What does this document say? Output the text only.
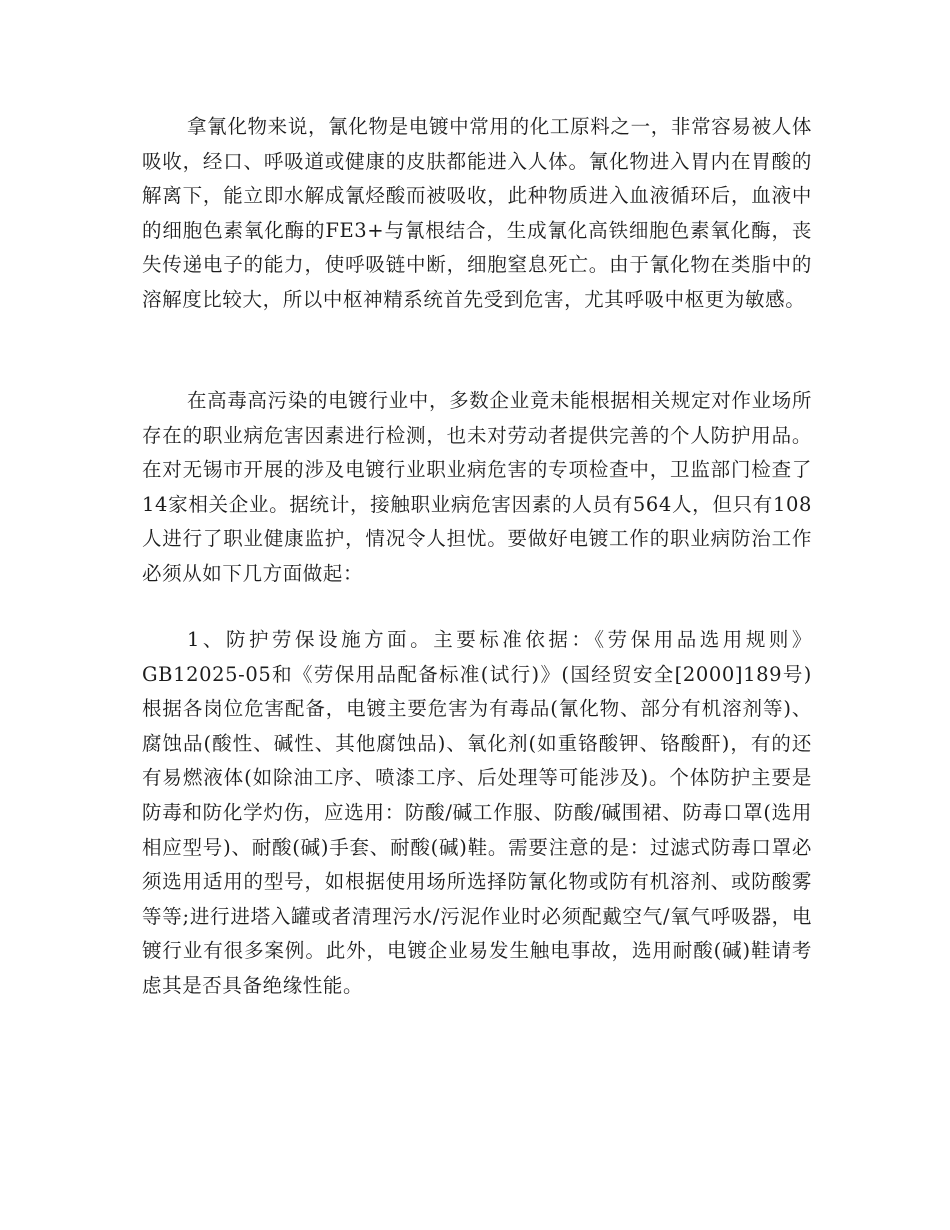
拿氰化物来说，氰化物是电镀中常用的化工原料之一，非常容易被人体吸收，经口、呼吸道或健康的皮肤都能进入人体。氰化物进入胃内在胃酸的解离下，能立即水解成氰烃酸而被吸收，此种物质进入血液循环后，血液中的细胞色素氧化酶的FE3+与氰根结合，生成氰化高铁细胞色素氧化酶，丧失传递电子的能力，使呼吸链中断，细胞窒息死亡。由于氰化物在类脂中的溶解度比较大，所以中枢神精系统首先受到危害，尤其呼吸中枢更为敏感。

在高毒高污染的电镀行业中，多数企业竟未能根据相关规定对作业场所存在的职业病危害因素进行检测，也未对劳动者提供完善的个人防护用品。在对无锡市开展的涉及电镀行业职业病危害的专项检查中，卫监部门检查了14家相关企业。据统计，接触职业病危害因素的人员有564人，但只有108人进行了职业健康监护，情况令人担忧。要做好电镀工作的职业病防治工作必须从如下几方面做起：

1、防护劳保设施方面。主要标准依据：《劳保用品选用规则》GB12025-05和《劳保用品配备标准(试行)》(国经贸安全[2000]189号)根据各岗位危害配备，电镀主要危害为有毒品(氰化物、部分有机溶剂等)、腐蚀品(酸性、碱性、其他腐蚀品)、氧化剂(如重铬酸钾、铬酸酐)，有的还有易燃液体(如除油工序、喷漆工序、后处理等可能涉及)。个体防护主要是防毒和防化学灼伤，应选用：防酸/碱工作服、防酸/碱围裙、防毒口罩(选用相应型号)、耐酸(碱)手套、耐酸(碱)鞋。需要注意的是：过滤式防毒口罩必须选用适用的型号，如根据使用场所选择防氰化物或防有机溶剂、或防酸雾等等;进行进塔入罐或者清理污水/污泥作业时必须配戴空气/氧气呼吸器，电镀行业有很多案例。此外，电镀企业易发生触电事故，选用耐酸(碱)鞋请考虑其是否具备绝缘性能。
